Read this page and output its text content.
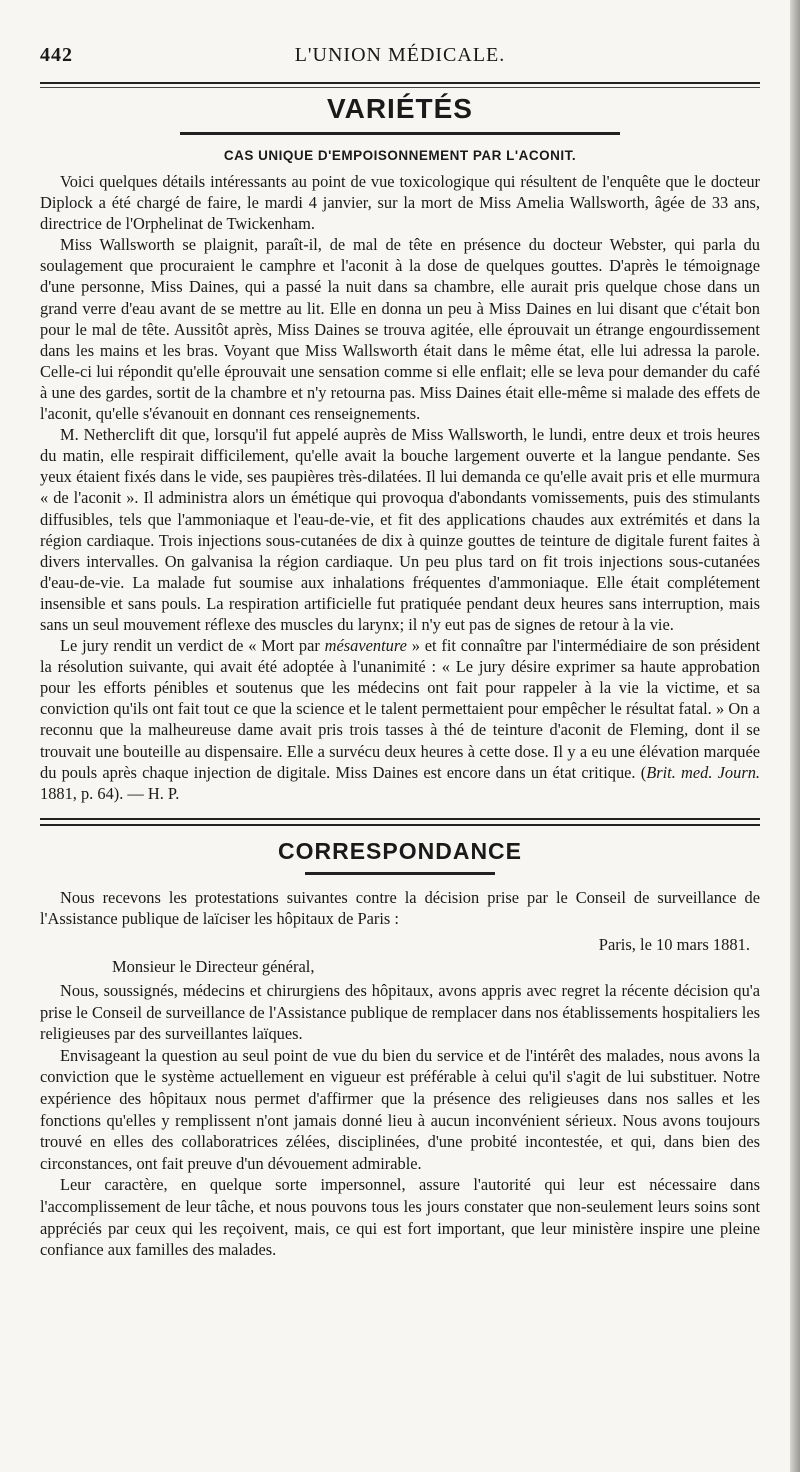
442	L'UNION MÉDICALE.
VARIÉTÉS
CAS UNIQUE D'EMPOISONNEMENT PAR L'ACONIT.

Voici quelques détails intéressants au point de vue toxicologique qui résultent de l'enquête que le docteur Diplock a été chargé de faire, le mardi 4 janvier, sur la mort de Miss Amelia Wallsworth, âgée de 33 ans, directrice de l'Orphelinat de Twickenham.

Miss Wallsworth se plaignit, paraît-il, de mal de tête en présence du docteur Webster, qui parla du soulagement que procuraient le camphre et l'aconit à la dose de quelques gouttes. D'après le témoignage d'une personne, Miss Daines, qui a passé la nuit dans sa chambre, elle aurait pris quelque chose dans un grand verre d'eau avant de se mettre au lit. Elle en donna un peu à Miss Daines en lui disant que c'était bon pour le mal de tête. Aussitôt après, Miss Daines se trouva agitée, elle éprouvait un étrange engourdissement dans les mains et les bras. Voyant que Miss Wallsworth était dans le même état, elle lui adressa la parole. Celle-ci lui répondit qu'elle éprouvait une sensation comme si elle enflait; elle se leva pour demander du café à une des gardes, sortit de la chambre et n'y retourna pas. Miss Daines était elle-même si malade des effets de l'aconit, qu'elle s'évanouit en donnant ces renseignements.

M. Netherclift dit que, lorsqu'il fut appelé auprès de Miss Wallsworth, le lundi, entre deux et trois heures du matin, elle respirait difficilement, qu'elle avait la bouche largement ouverte et la langue pendante. Ses yeux étaient fixés dans le vide, ses paupières très-dilatées. Il lui demanda ce qu'elle avait pris et elle murmura « de l'aconit ». Il administra alors un émétique qui provoqua d'abondants vomissements, puis des stimulants diffusibles, tels que l'ammoniaque et l'eau-de-vie, et fit des applications chaudes aux extrémités et dans la région cardiaque. Trois injections sous-cutanées de dix à quinze gouttes de teinture de digitale furent faites à divers intervalles. On galvanisa la région cardiaque. Un peu plus tard on fit trois injections sous-cutanées d'eau-de-vie. La malade fut soumise aux inhalations fréquentes d'ammoniaque. Elle était complétement insensible et sans pouls. La respiration artificielle fut pratiquée pendant deux heures sans interruption, mais sans un seul mouvement réflexe des muscles du larynx; il n'y eut pas de signes de retour à la vie.

Le jury rendit un verdict de « Mort par mésaventure » et fit connaître par l'intermédiaire de son président la résolution suivante, qui avait été adoptée à l'unanimité : « Le jury désire exprimer sa haute approbation pour les efforts pénibles et soutenus que les médecins ont fait pour rappeler à la vie la victime, et sa conviction qu'ils ont fait tout ce que la science et le talent permettaient pour empêcher le résultat fatal. » On a reconnu que la malheureuse dame avait pris trois tasses à thé de teinture d'aconit de Fleming, dont il se trouvait une bouteille au dispensaire. Elle a survécu deux heures à cette dose. Il y a eu une élévation marquée du pouls après chaque injection de digitale. Miss Daines est encore dans un état critique. (Brit. med. Journ. 1881, p. 64). — H. P.

CORRESPONDANCE

Nous recevons les protestations suivantes contre la décision prise par le Conseil de surveillance de l'Assistance publique de laïciser les hôpitaux de Paris :

Paris, le 10 mars 1881.
Monsieur le Directeur général,

Nous, soussignés, médecins et chirurgiens des hôpitaux, avons appris avec regret la récente décision qu'a prise le Conseil de surveillance de l'Assistance publique de remplacer dans nos établissements hospitaliers les religieuses par des surveillantes laïques.

Envisageant la question au seul point de vue du bien du service et de l'intérêt des malades, nous avons la conviction que le système actuellement en vigueur est préférable à celui qu'il s'agit de lui substituer. Notre expérience des hôpitaux nous permet d'affirmer que la présence des religieuses dans nos salles et les fonctions qu'elles y remplissent n'ont jamais donné lieu à aucun inconvénient sérieux. Nous avons toujours trouvé en elles des collaboratrices zélées, disciplinées, d'une probité incontestée, et qui, dans bien des circonstances, ont fait preuve d'un dévouement admirable.

Leur caractère, en quelque sorte impersonnel, assure l'autorité qui leur est nécessaire dans l'accomplissement de leur tâche, et nous pouvons tous les jours constater que non-seulement leurs soins sont appréciés par ceux qui les reçoivent, mais, ce qui est fort important, que leur ministère inspire une pleine confiance aux familles des malades.
